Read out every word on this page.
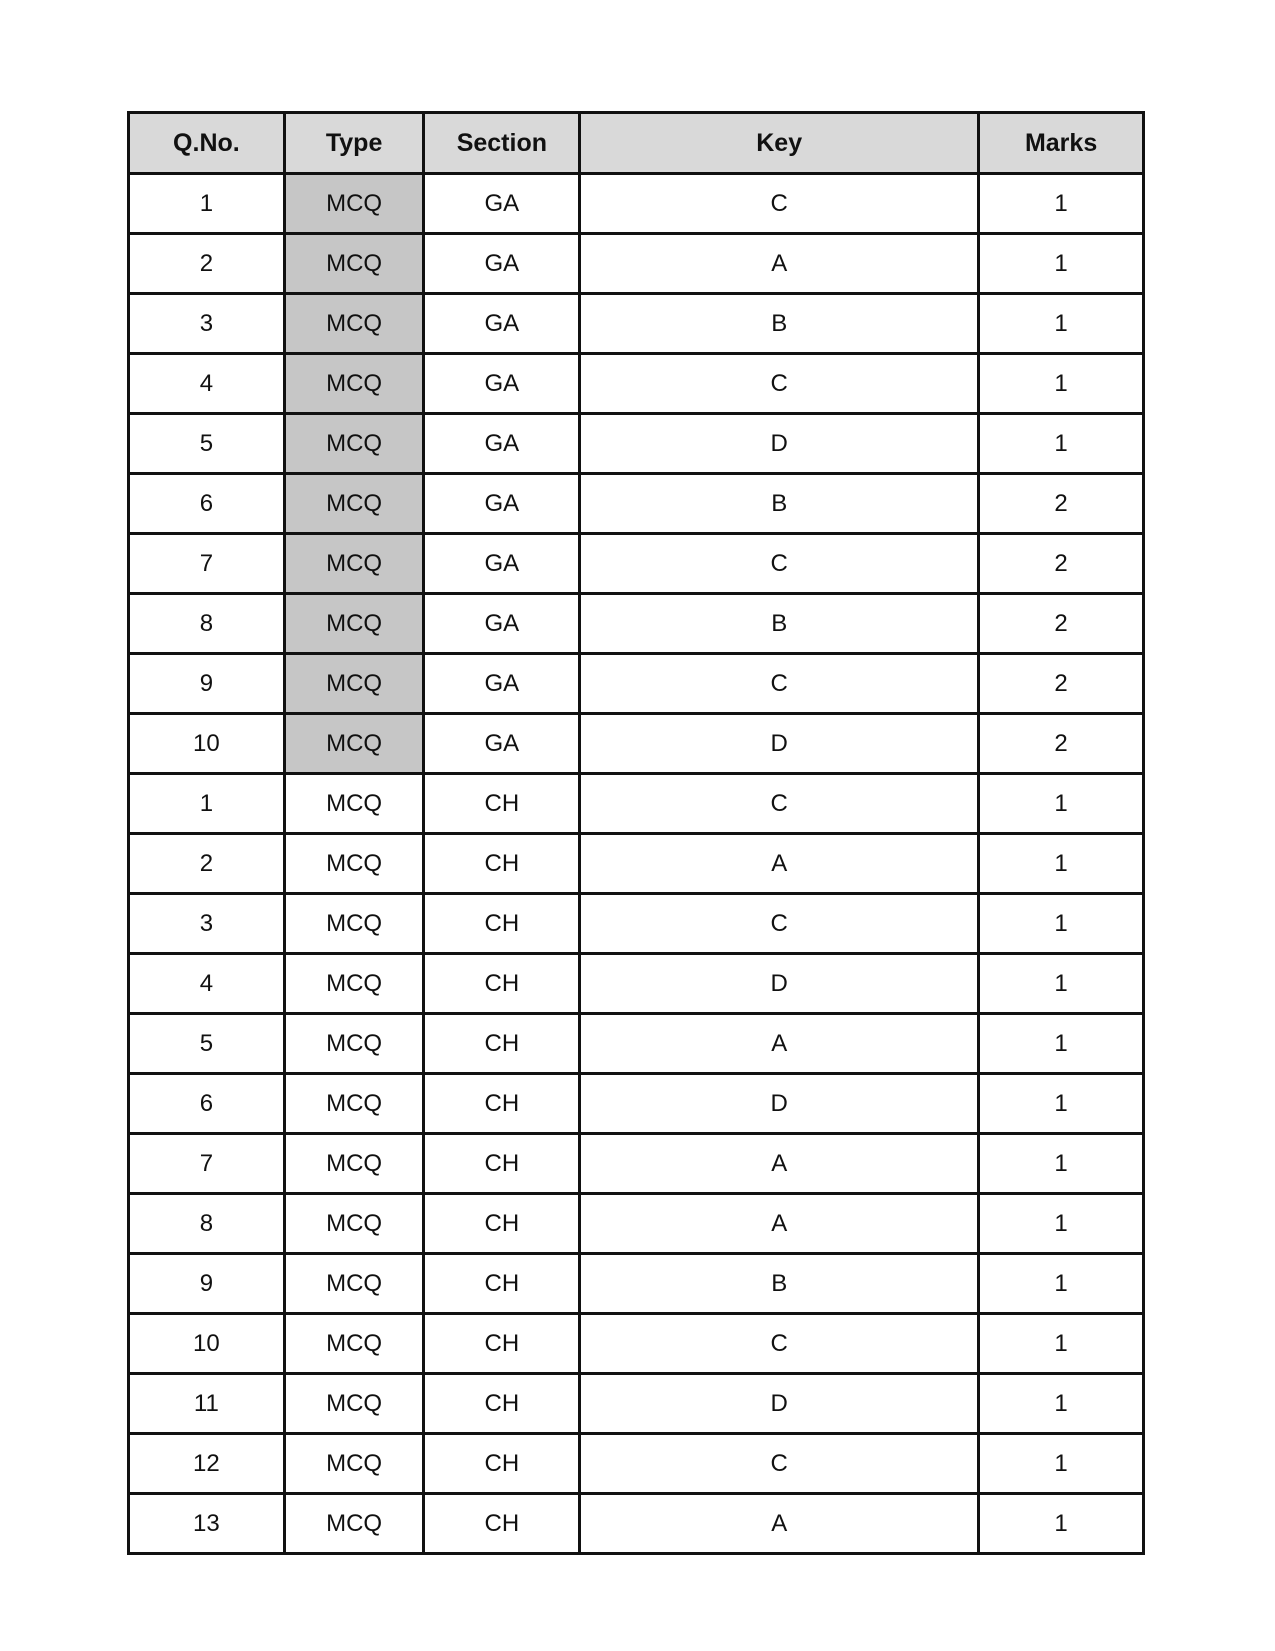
Q.No.	Type	Section	Key	Marks
1	MCQ	GA	C	1
2	MCQ	GA	A	1
3	MCQ	GA	B	1
4	MCQ	GA	C	1
5	MCQ	GA	D	1
6	MCQ	GA	B	2
7	MCQ	GA	C	2
8	MCQ	GA	B	2
9	MCQ	GA	C	2
10	MCQ	GA	D	2
1	MCQ	CH	C	1
2	MCQ	CH	A	1
3	MCQ	CH	C	1
4	MCQ	CH	D	1
5	MCQ	CH	A	1
6	MCQ	CH	D	1
7	MCQ	CH	A	1
8	MCQ	CH	A	1
9	MCQ	CH	B	1
10	MCQ	CH	C	1
11	MCQ	CH	D	1
12	MCQ	CH	C	1
13	MCQ	CH	A	1
